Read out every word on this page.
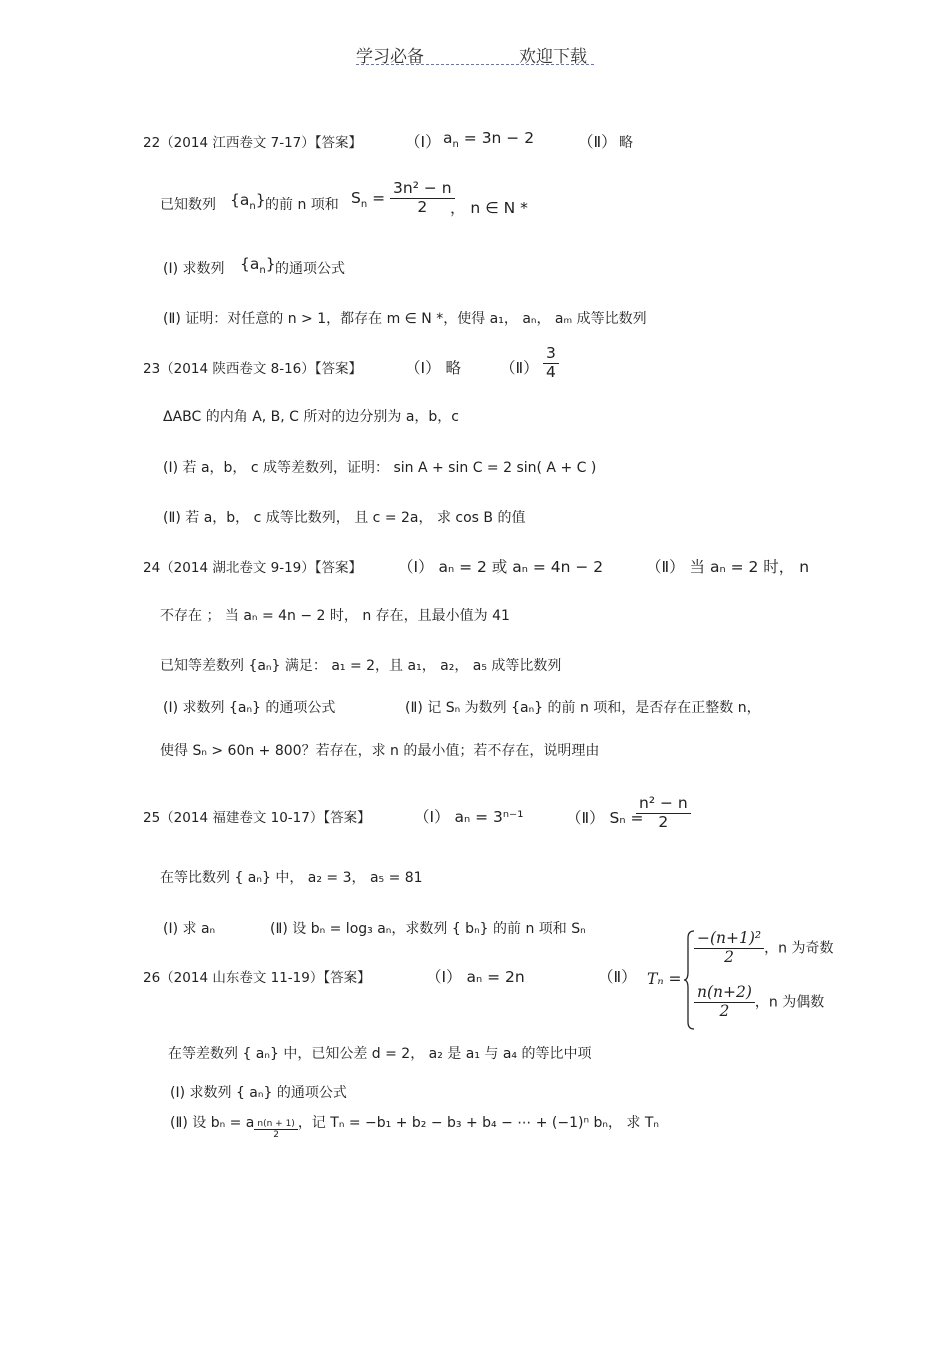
学习必备	欢迎下载
22（2014 江西卷文 7-17）【答案】	（Ⅰ） $a_n = 3n - 2$	（Ⅱ） 略
已知数列 $\{a_n\}$ 的前 n 项和 $S_n = \frac{\text{3n² − n}}{2}$
， n ∈ N *
(Ⅰ) 求数列 $\{a_n\}$ 的通项公式
(Ⅱ) 证明：对任意的 n > 1，都存在 m ∈ N *，使得 a₁， aₙ， aₘ 成等比数列
23（2014 陕西卷文 8-16）【答案】	（Ⅰ） 略	（Ⅱ） $\frac{3}{4}$
ΔABC 的内角 A, B, C 所对的边分别为 a，b，c
(Ⅰ) 若 a，b， c 成等差数列，证明： sin A + sin C = 2 sin( A + C )
(Ⅱ) 若 a，b， c 成等比数列， 且 c = 2a， 求 cos B 的值
24（2014 湖北卷文 9-19）【答案】 （Ⅰ） aₙ = 2 或 aₙ = 4n − 2	（Ⅱ） 当 aₙ = 2 时， n
不存在 ； 当 aₙ = 4n − 2 时， n 存在，且最小值为 41
已知等差数列 {aₙ} 满足： a₁ = 2，且 a₁， a₂， a₅ 成等比数列
(Ⅰ) 求数列 {aₙ} 的通项公式	(Ⅱ) 记 Sₙ 为数列 {aₙ} 的前 n 项和，是否存在正整数 n，
使得 Sₙ > 60n + 800？若存在，求 n 的最小值；若不存在，说明理由
25（2014 福建卷文 10-17）【答案】	（Ⅰ） aₙ = 3ⁿ⁻¹	（Ⅱ） Sₙ =
$\frac{\text{n² − n}}{2}$
在等比数列 { aₙ} 中， a₂ = 3， a₅ = 81
(Ⅰ) 求 aₙ	(Ⅱ) 设 bₙ = log₃ aₙ，求数列 { bₙ} 的前 n 项和 Sₙ
26（2014 山东卷文 11-19）【答案】	（Ⅰ） aₙ = 2n	（Ⅱ） Tₙ =
$\frac{\text{−(n+1)²}}{2}$ ，n 为奇数
$\frac{n(n+2)}{2}$ ，n 为偶数
在等差数列 { aₙ} 中，已知公差 d = 2， a₂ 是 a₁ 与 a₄ 的等比中项
(Ⅰ) 求数列 { aₙ} 的通项公式
(Ⅱ) 设 bₙ = a $\frac{n(n + 1)}{2}$ ，记 Tₙ = −b₁ + b₂ − b₃ + b₄ − ⋯ + (−1)ⁿ bₙ， 求 Tₙ
